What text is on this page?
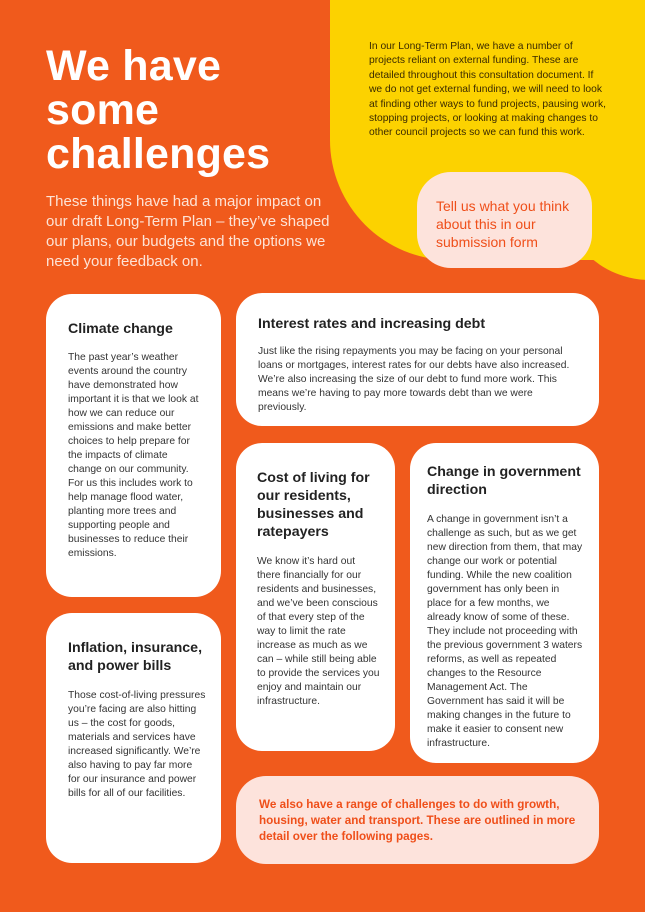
We have some challenges

These things have had a major impact on our draft Long-Term Plan – they’ve shaped our plans, our budgets and the options we need your feedback on.

In our Long-Term Plan, we have a number of projects reliant on external funding. These are detailed throughout this consultation document. If we do not get external funding, we will need to look at finding other ways to fund projects, pausing work, stopping projects, or looking at making changes to other council projects so we can fund this work.

Tell us what you think about this in our submission form
Climate change

The past year’s weather events around the country have demonstrated how important it is that we look at how we can reduce our emissions and make better choices to help prepare for the impacts of climate change on our community. For us this includes work to help manage flood water, planting more trees and supporting people and businesses to reduce their emissions.

Interest rates and increasing debt

Just like the rising repayments you may be facing on your personal loans or mortgages, interest rates for our debts have also increased. We’re also increasing the size of our debt to fund more work. This means we’re having to pay more towards debt than we were previously.

Cost of living for our residents, businesses and ratepayers

We know it’s hard out there financially for our residents and businesses, and we’ve been conscious of that every step of the way to limit the rate increase as much as we can – while still being able to provide the services you enjoy and maintain our infrastructure.

Change in government direction

A change in government isn’t a challenge as such, but as we get new direction from them, that may change our work or potential funding. While the new coalition government has only been in place for a few months, we already know of some of these. They include not proceeding with the previous government 3 waters reforms, as well as repeated changes to the Resource Management Act. The Government has said it will be making changes in the future to make it easier to consent new infrastructure.

Inflation, insurance, and power bills

Those cost-of-living pressures you’re facing are also hitting us – the cost for goods, materials and services have increased significantly. We’re also having to pay far more for our insurance and power bills for all of our facilities.

We also have a range of challenges to do with growth, housing, water and transport. These are outlined in more detail over the following pages.
